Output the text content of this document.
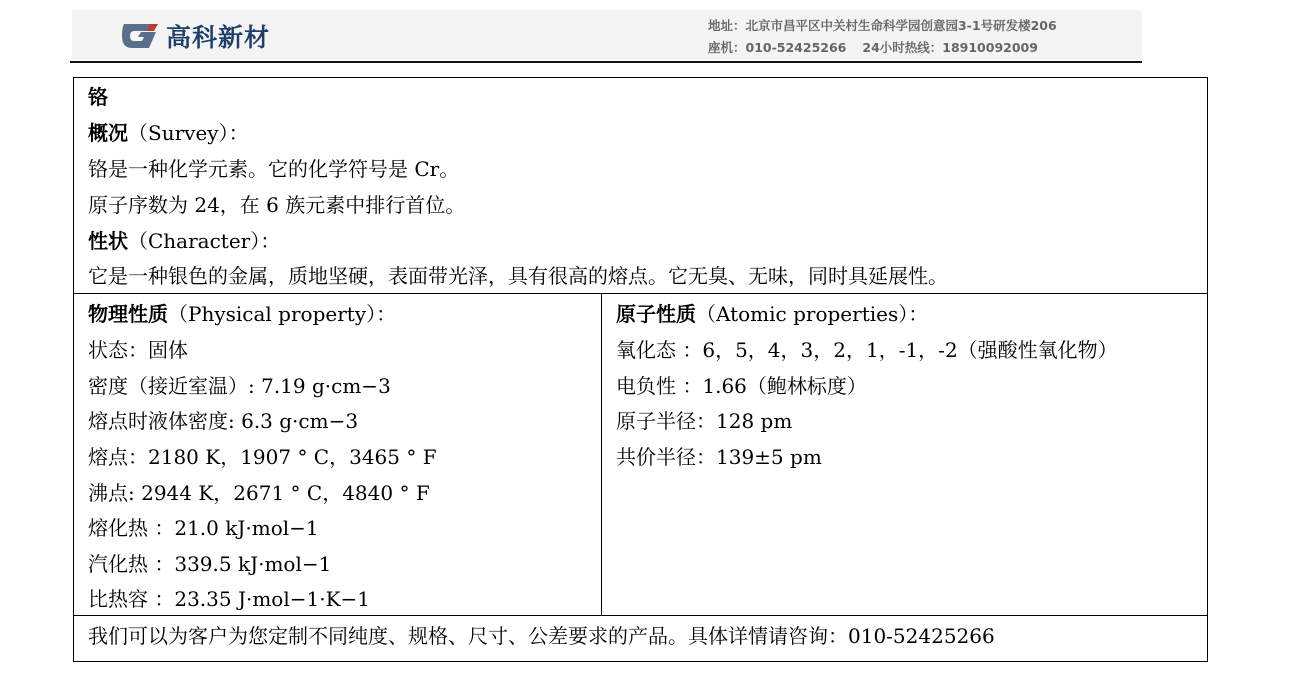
高科新材	地址：北京市昌平区中关村生命科学园创意园3-1号研发楼206
座机：010-52425266 24小时热线：18910092009
铬
概况（Survey）：
铬是一种化学元素。它的化学符号是 Cr。
原子序数为 24，在 6 族元素中排行首位。
性状（Character）：
它是一种银色的金属，质地坚硬，表面带光泽，具有很高的熔点。它无臭、无味，同时具延展性。
物理性质（Physical property）：
状态：固体
密度（接近室温）: 7.19 g·cm−3
熔点时液体密度: 6.3 g·cm−3
熔点：2180 K，1907 ° C，3465 ° F
沸点: 2944 K，2671 ° C，4840 ° F
熔化热 ：21.0 kJ·mol−1
汽化热 ：339.5 kJ·mol−1
比热容 ：23.35 J·mol−1·K−1
原子性质（Atomic properties）：
氧化态 ：6，5，4，3，2，1，-1，-2（强酸性氧化物）
电负性 ：1.66（鲍林标度）
原子半径：128 pm
共价半径：139±5 pm
我们可以为客户为您定制不同纯度、规格、尺寸、公差要求的产品。具体详情请咨询：010-52425266
